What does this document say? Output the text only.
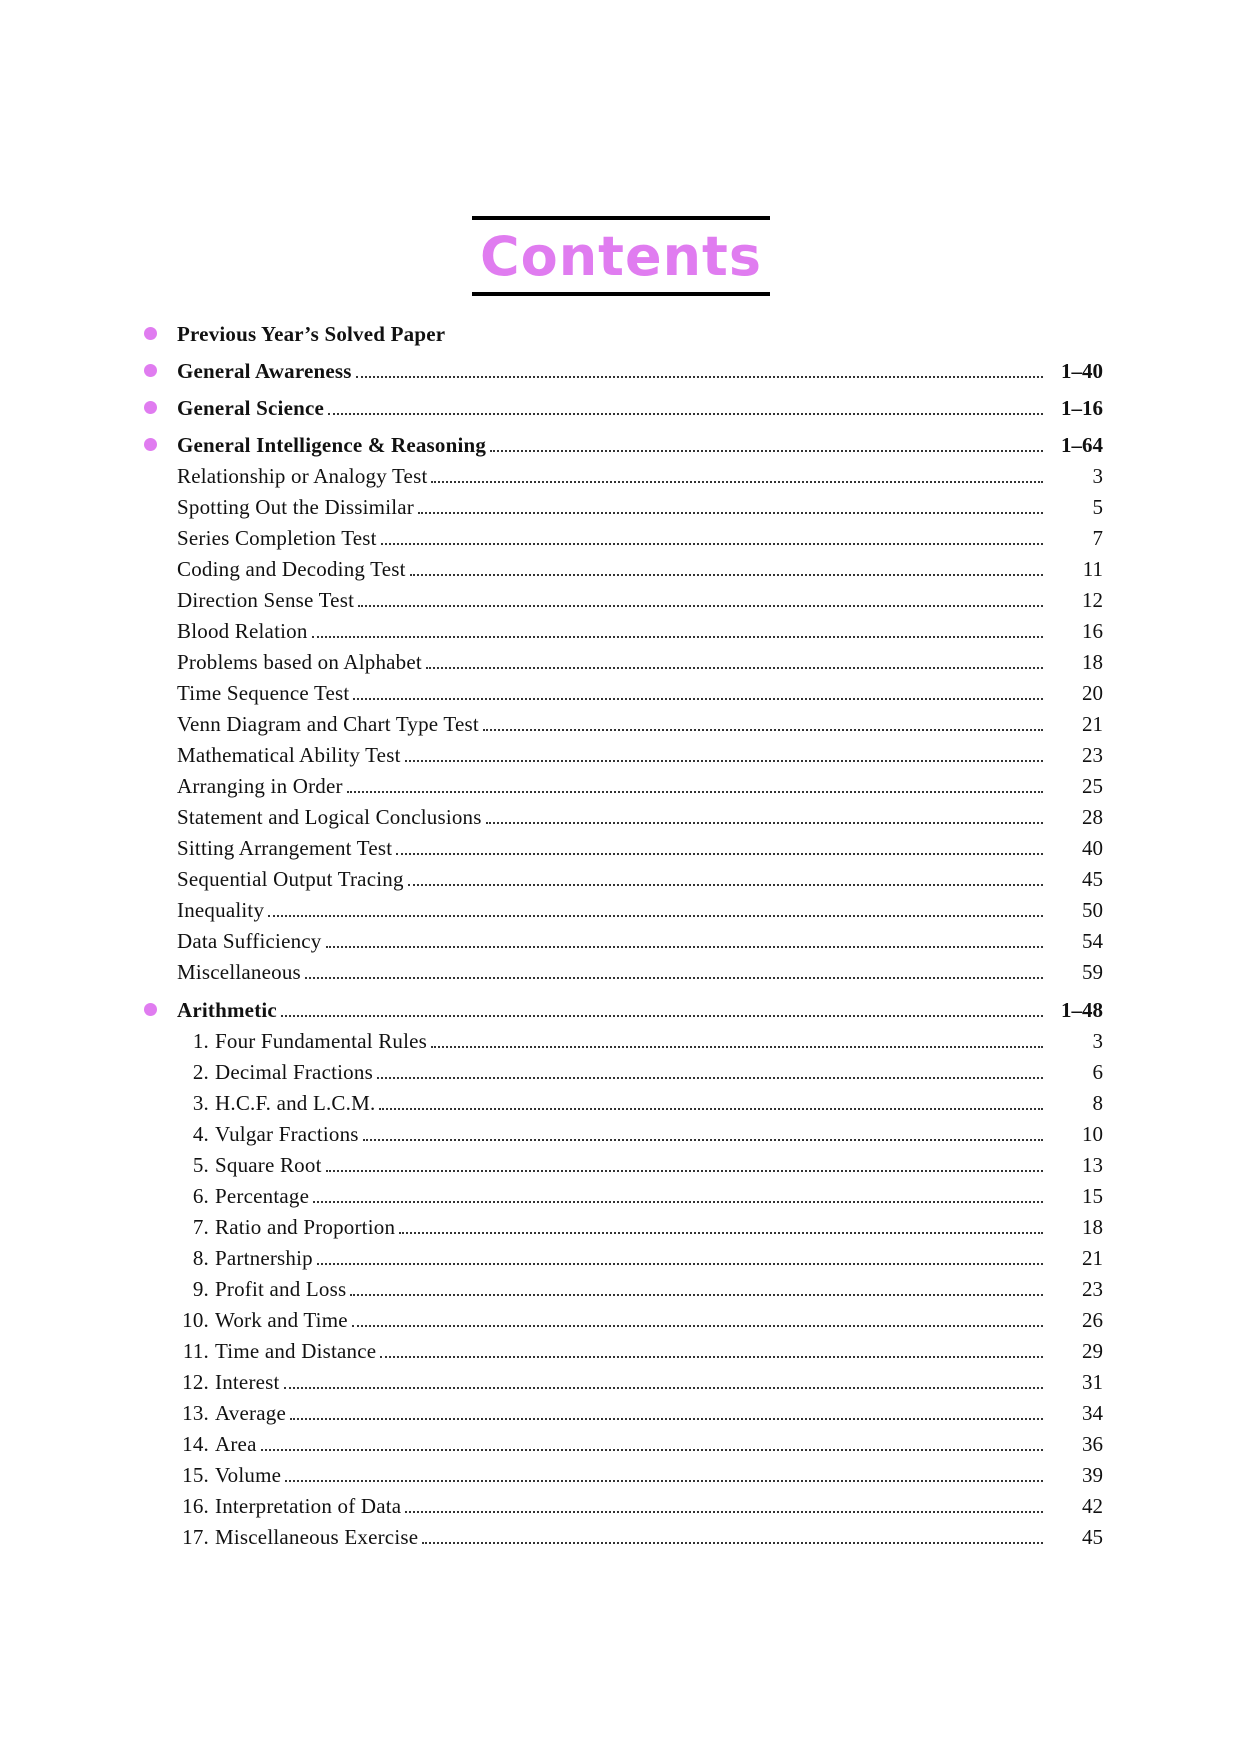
Contents
Previous Year’s Solved Paper
General Awareness	1–40
General Science	1–16
General Intelligence & Reasoning	1–64
Relationship or Analogy Test	3
Spotting Out the Dissimilar	5
Series Completion Test	7
Coding and Decoding Test	11
Direction Sense Test	12
Blood Relation	16
Problems based on Alphabet	18
Time Sequence Test	20
Venn Diagram and Chart Type Test	21
Mathematical Ability Test	23
Arranging in Order	25
Statement and Logical Conclusions	28
Sitting Arrangement Test	40
Sequential Output Tracing	45
Inequality	50
Data Sufficiency	54
Miscellaneous	59
Arithmetic	1–48
1. Four Fundamental Rules	3
2. Decimal Fractions	6
3. H.C.F. and L.C.M.	8
4. Vulgar Fractions	10
5. Square Root	13
6. Percentage	15
7. Ratio and Proportion	18
8. Partnership	21
9. Profit and Loss	23
10. Work and Time	26
11. Time and Distance	29
12. Interest	31
13. Average	34
14. Area	36
15. Volume	39
16. Interpretation of Data	42
17. Miscellaneous Exercise	45
